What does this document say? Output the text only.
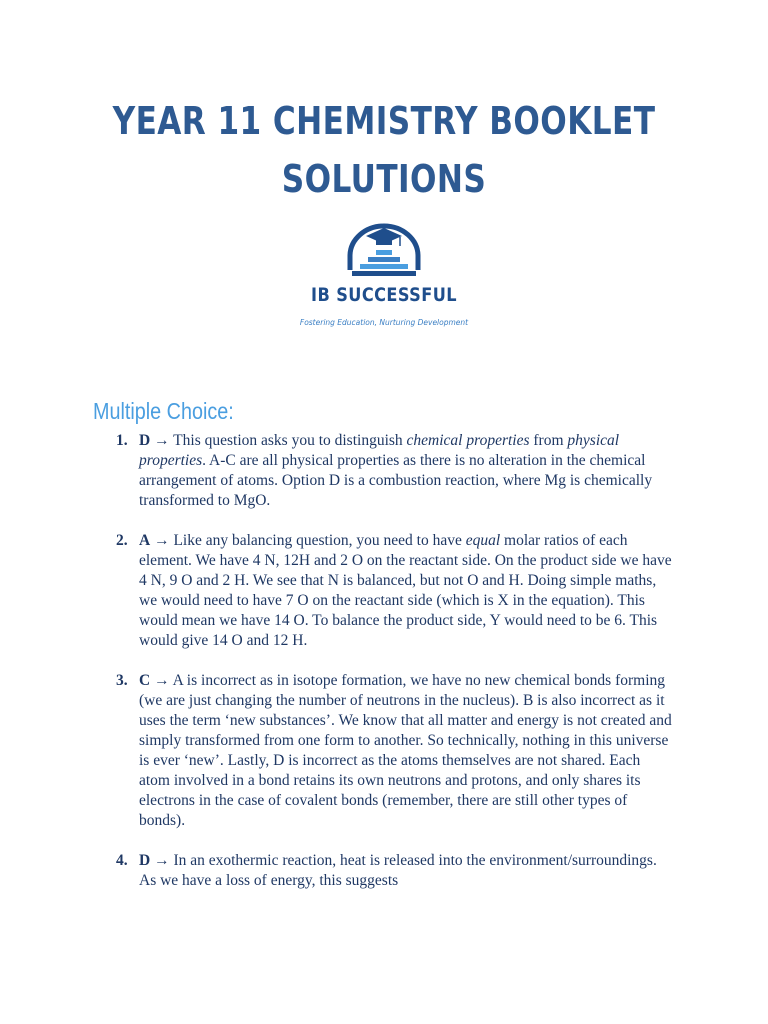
YEAR 11 CHEMISTRY BOOKLET
SOLUTIONS
IB SUCCESSFUL
Fostering Education, Nurturing Development
Multiple Choice:
1. D → This question asks you to distinguish chemical properties from physical properties. A-C are all physical properties as there is no alteration in the chemical arrangement of atoms. Option D is a combustion reaction, where Mg is chemically transformed to MgO.
2. A → Like any balancing question, you need to have equal molar ratios of each element. We have 4 N, 12H and 2 O on the reactant side. On the product side we have 4 N, 9 O and 2 H. We see that N is balanced, but not O and H. Doing simple maths, we would need to have 7 O on the reactant side (which is X in the equation). This would mean we have 14 O. To balance the product side, Y would need to be 6. This would give 14 O and 12 H.
3. C → A is incorrect as in isotope formation, we have no new chemical bonds forming (we are just changing the number of neutrons in the nucleus). B is also incorrect as it uses the term ‘new substances’. We know that all matter and energy is not created and simply transformed from one form to another. So technically, nothing in this universe is ever ‘new’. Lastly, D is incorrect as the atoms themselves are not shared. Each atom involved in a bond retains its own neutrons and protons, and only shares its electrons in the case of covalent bonds (remember, there are still other types of bonds).
4. D → In an exothermic reaction, heat is released into the environment/surroundings. As we have a loss of energy, this suggests
